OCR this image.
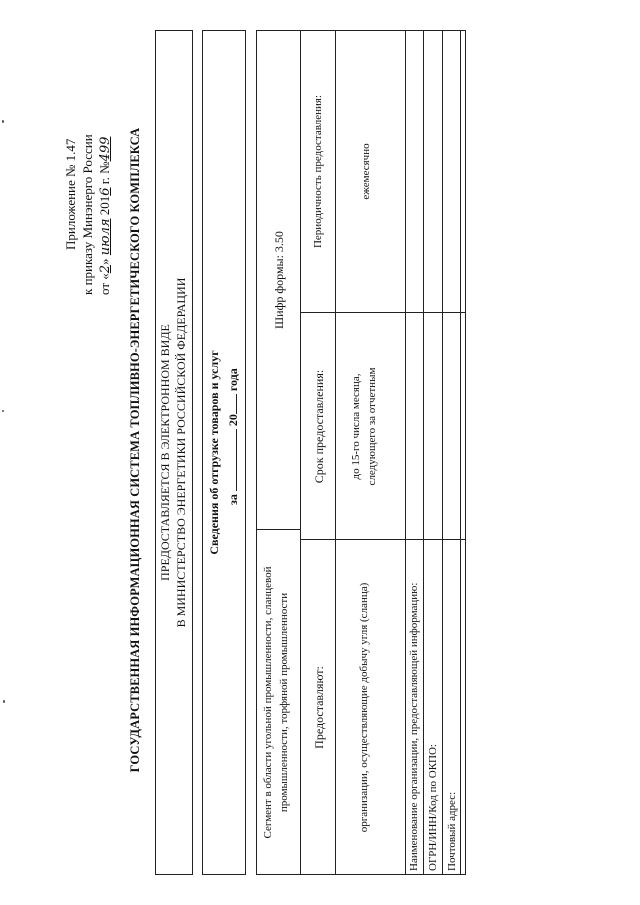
Приложение № 1.47 к приказу Минэнерго России от «2» июля 2016 г. №499 ГОСУДАРСТВЕННАЯ ИНФОРМАЦИОННАЯ СИСТЕМА ТОПЛИВНО-ЭНЕРГЕТИЧЕСКОГО КОМПЛЕКСА ПРЕДОСТАВЛЯЕТСЯ В ЭЛЕКТРОННОМ ВИДЕ В МИНИСТЕРСТВО ЭНЕРГЕТИКИ РОССИЙСКОЙ ФЕДЕРАЦИИ Сведения об отгрузке товаров и услуг за  20 года
Сегмент в области угольной промышленности, сланцевой промышленности, торфяной промышленности
Шифр формы: 3.50
Предоставляют:
Срок предоставления:
Периодичность предоставления:
организации, осуществляющие добычу угля (сланца)
до 15-го числа месяца, следующего за отчетным
ежемесячно
Наименование организации, предоставляющей информацию: ОГРН/ИНН/Код по ОКПО: Почтовый адрес:
